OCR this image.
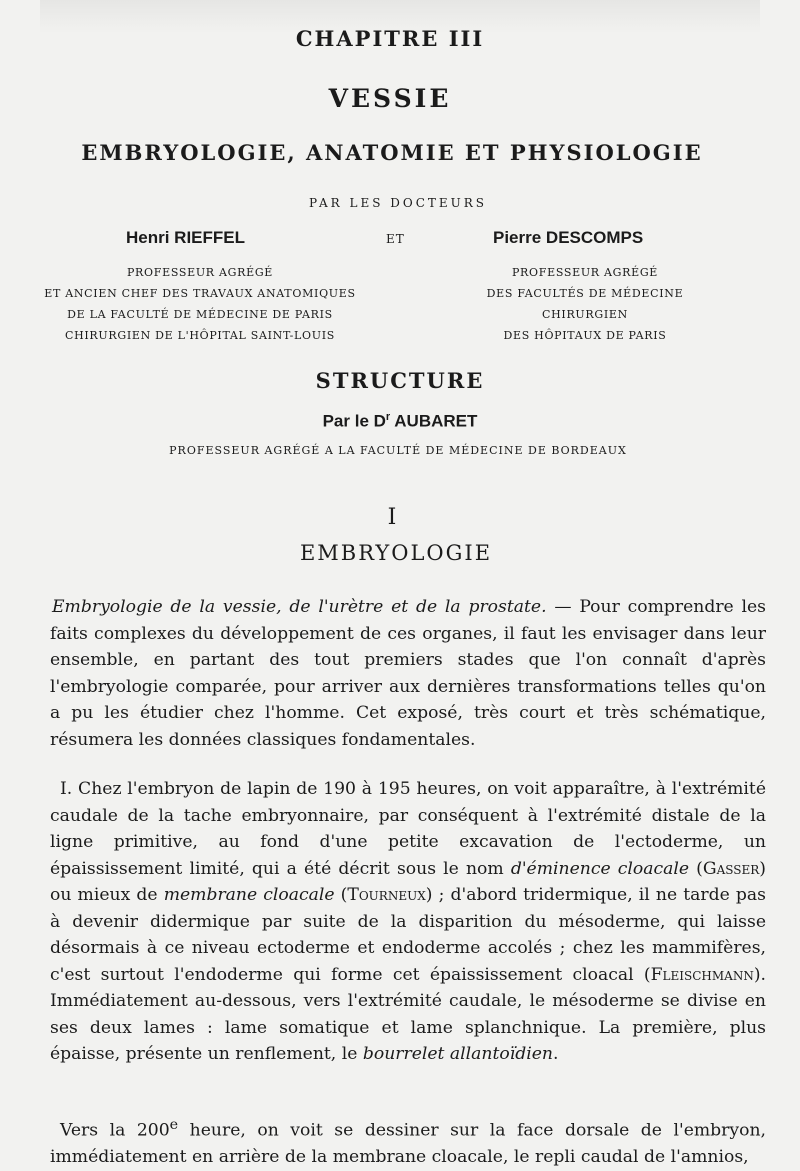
CHAPITRE III
VESSIE
EMBRYOLOGIE, ANATOMIE ET PHYSIOLOGIE
PAR LES DOCTEURS
Henri RIEFFEL	ET	Pierre DESCOMPS
PROFESSEUR AGRÉGÉ
ET ANCIEN CHEF DES TRAVAUX ANATOMIQUES
DE LA FACULTÉ DE MÉDECINE DE PARIS
CHIRURGIEN DE L'HÔPITAL SAINT-LOUIS
PROFESSEUR AGRÉGÉ
DES FACULTÉS DE MÉDECINE
CHIRURGIEN
DES HÔPITAUX DE PARIS
STRUCTURE
Par le $D^r$ AUBARET
PROFESSEUR AGRÉGÉ A LA FACULTÉ DE MÉDECINE DE BORDEAUX
I
EMBRYOLOGIE
Embryologie de la vessie, de l'urètre et de la prostate. — Pour comprendre les faits complexes du développement de ces organes, il faut les envisager dans leur ensemble, en partant des tout premiers stades que l'on connaît d'après l'embryologie comparée, pour arriver aux dernières transformations telles qu'on a pu les étudier chez l'homme. Cet exposé, très court et très schématique, résumera les données classiques fondamentales.
I. Chez l'embryon de lapin de 190 à 195 heures, on voit apparaître, à l'extrémité caudale de la tache embryonnaire, par conséquent à l'extrémité distale de la ligne primitive, au fond d'une petite excavation de l'ectoderme, un épaississement limité, qui a été décrit sous le nom d'éminence cloacale (Gasser) ou mieux de membrane cloacale (Tourneux) ; d'abord tridermique, il ne tarde pas à devenir didermique par suite de la disparition du mésoderme, qui laisse désormais à ce niveau ectoderme et endoderme accolés ; chez les mammifères, c'est surtout l'endoderme qui forme cet épaississement cloacal (Fleischmann). Immédiatement au-dessous, vers l'extrémité caudale, le mésoderme se divise en ses deux lames : lame somatique et lame splanchnique. La première, plus épaisse, présente un renflement, le bourrelet allantoïdien.
Vers la 200e heure, on voit se dessiner sur la face dorsale de l'embryon, immédiatement en arrière de la membrane cloacale, le repli caudal de l'amnios,
